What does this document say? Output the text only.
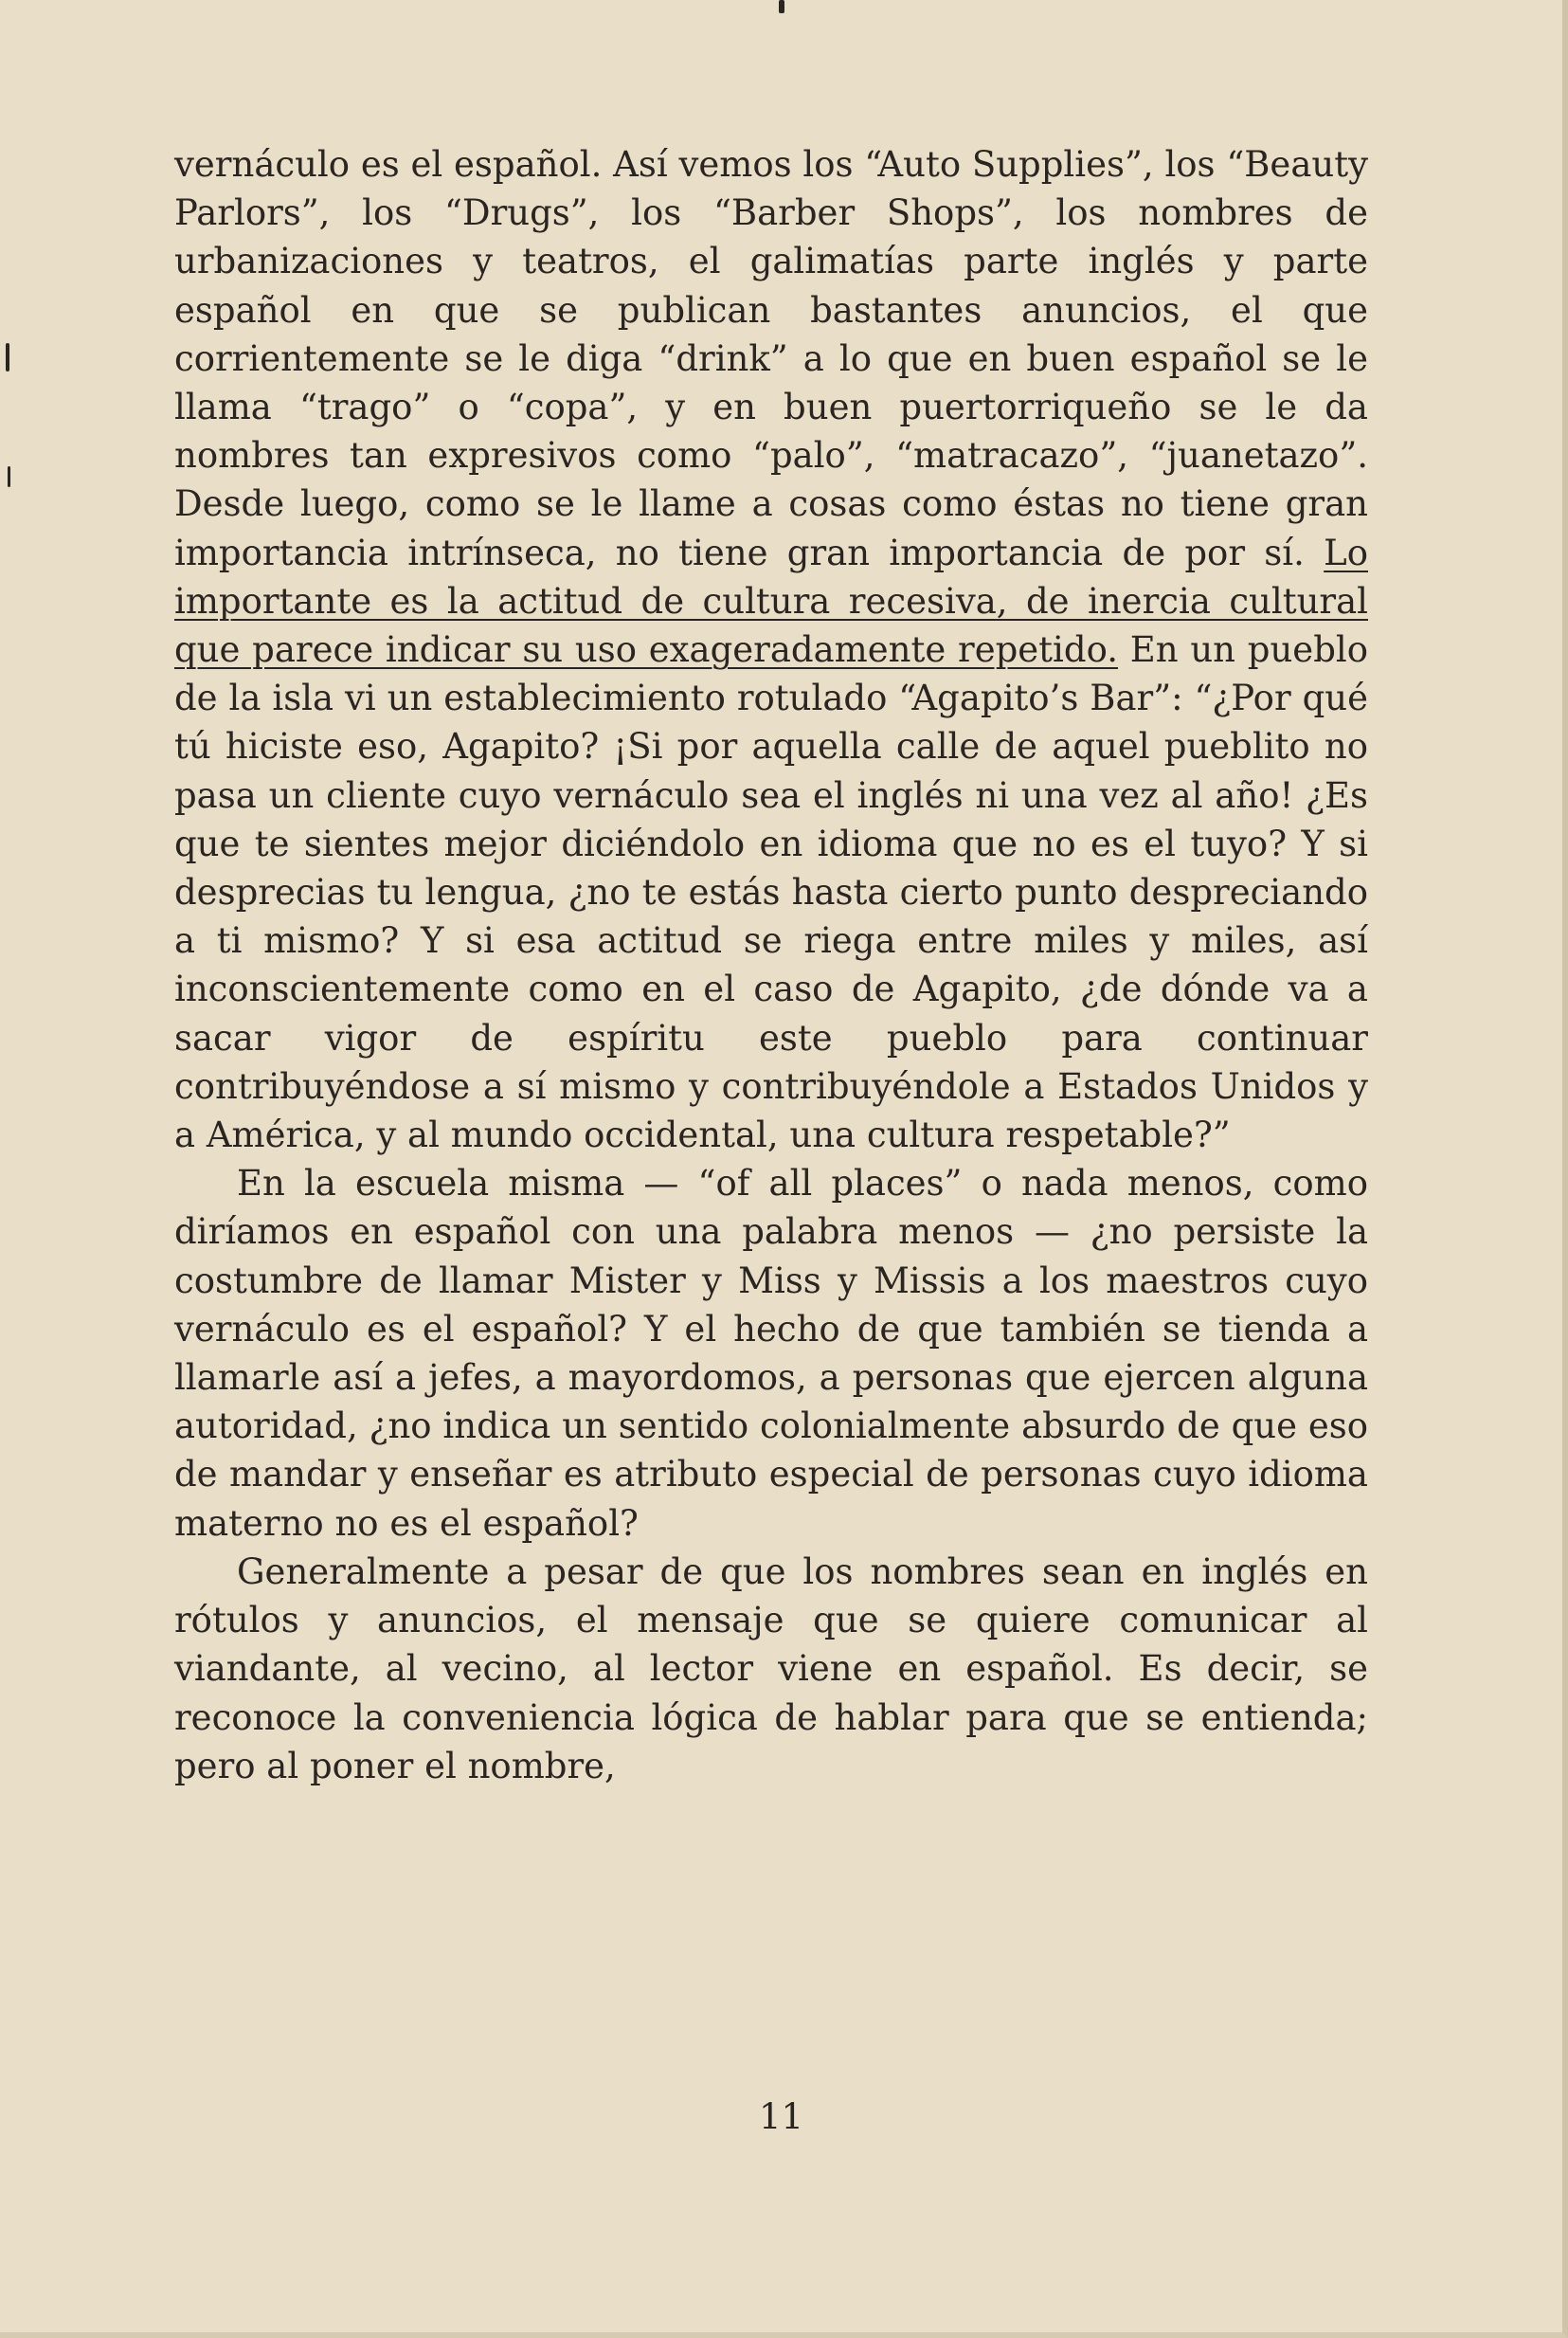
vernáculo es el español. Así vemos los “Auto Supplies”, los “Beauty Parlors”, los “Drugs”, los “Barber Shops”, los nombres de urbanizaciones y teatros, el galimatías parte inglés y parte español en que se publican bastantes anuncios, el que corrientemente se le diga “drink” a lo que en buen español se le llama “trago” o “copa”, y en buen puertorriqueño se le da nombres tan expresivos como “palo”, “matracazo”, “juanetazo”. Desde luego, como se le llame a cosas como éstas no tiene gran importancia intrínseca, no tiene gran importancia de por sí. Lo importante es la actitud de cultura recesiva, de inercia cultural que parece indicar su uso exageradamente repetido. En un pueblo de la isla vi un establecimiento rotulado “Agapito’s Bar”: “¿Por qué tú hiciste eso, Agapito? ¡Si por aquella calle de aquel pueblito no pasa un cliente cuyo vernáculo sea el inglés ni una vez al año! ¿Es que te sientes mejor diciéndolo en idioma que no es el tuyo? Y si desprecias tu lengua, ¿no te estás hasta cierto punto despreciando a ti mismo? Y si esa actitud se riega entre miles y miles, así inconscientemente como en el caso de Agapito, ¿de dónde va a sacar vigor de espíritu este pueblo para continuar contribuyéndose a sí mismo y contribuyéndole a Estados Unidos y a América, y al mundo occidental, una cultura respetable?”

En la escuela misma — “of all places” o nada menos, como diríamos en español con una palabra menos — ¿no persiste la costumbre de llamar Mister y Miss y Missis a los maestros cuyo vernáculo es el español? Y el hecho de que también se tienda a llamarle así a jefes, a mayordomos, a personas que ejercen alguna autoridad, ¿no indica un sentido colonialmente absurdo de que eso de mandar y enseñar es atributo especial de personas cuyo idioma materno no es el español?

Generalmente a pesar de que los nombres sean en inglés en rótulos y anuncios, el mensaje que se quiere comunicar al viandante, al vecino, al lector viene en español. Es decir, se reconoce la conveniencia lógica de hablar para que se entienda; pero al poner el nombre,

11
